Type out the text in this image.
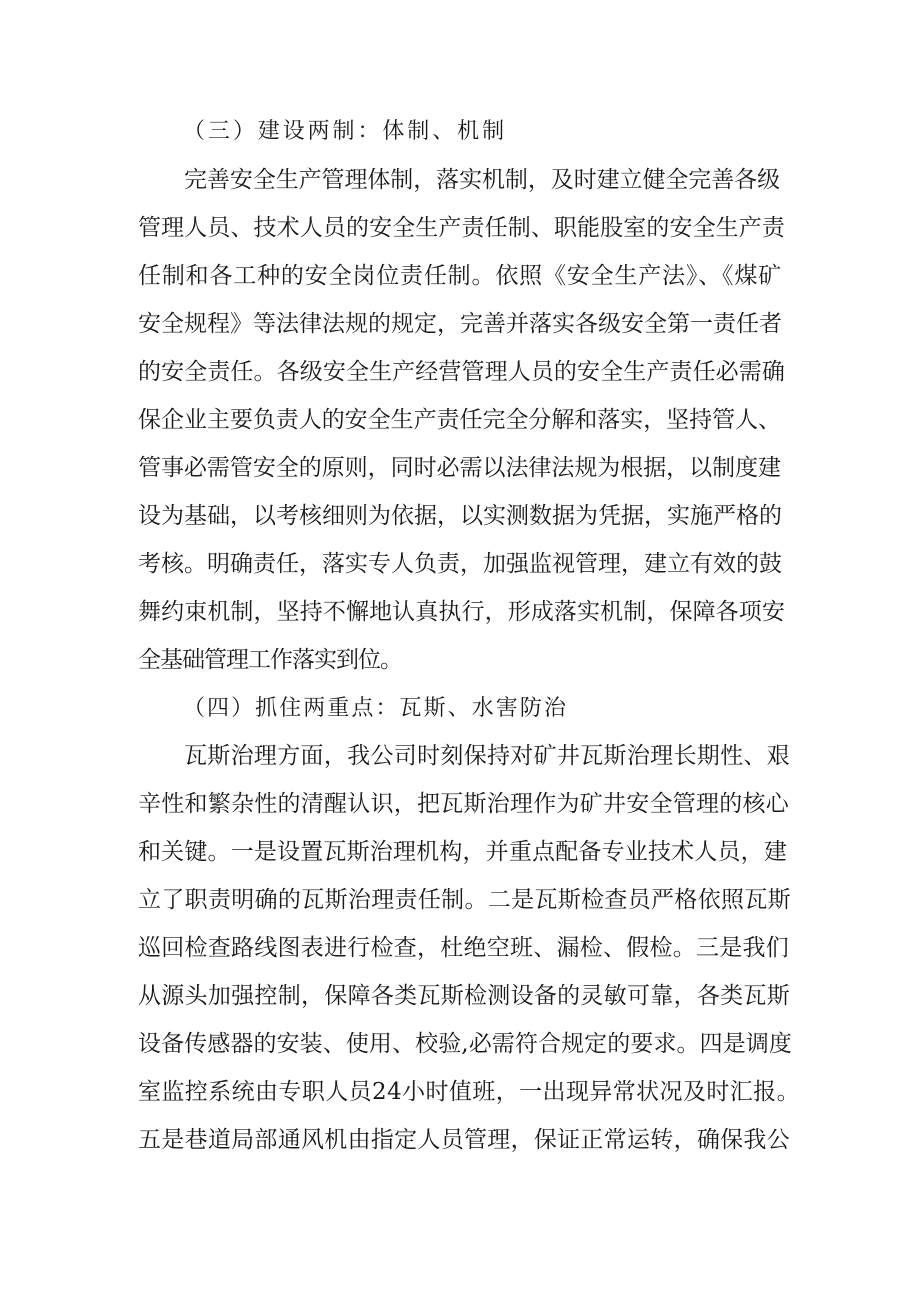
（三）建设两制：体制、机制
完善安全生产管理体制，落实机制，及时建立健全完善各级
管理人员、技术人员的安全生产责任制、职能股室的安全生产责
任制和各工种的安全岗位责任制。依照《安全生产法》、《煤矿
安全规程》等法律法规的规定，完善并落实各级安全第一责任者
的安全责任。各级安全生产经营管理人员的安全生产责任必需确
保企业主要负责人的安全生产责任完全分解和落实，坚持管人、
管事必需管安全的原则，同时必需以法律法规为根据，以制度建
设为基础，以考核细则为依据，以实测数据为凭据，实施严格的
考核。明确责任，落实专人负责，加强监视管理，建立有效的鼓
舞约束机制，坚持不懈地认真执行，形成落实机制，保障各项安
全基础管理工作落实到位。
（四）抓住两重点：瓦斯、水害防治
瓦斯治理方面，我公司时刻保持对矿井瓦斯治理长期性、艰
辛性和繁杂性的清醒认识，把瓦斯治理作为矿井安全管理的核心
和关键。一是设置瓦斯治理机构，并重点配备专业技术人员，建
立了职责明确的瓦斯治理责任制。二是瓦斯检查员严格依照瓦斯
巡回检查路线图表进行检查，杜绝空班、漏检、假检。三是我们
从源头加强控制，保障各类瓦斯检测设备的灵敏可靠，各类瓦斯
设备传感器的安装、使用、校验,必需符合规定的要求。四是调度
室监控系统由专职人员24小时值班，一出现异常状况及时汇报。
五是巷道局部通风机由指定人员管理，保证正常运转，确保我公
